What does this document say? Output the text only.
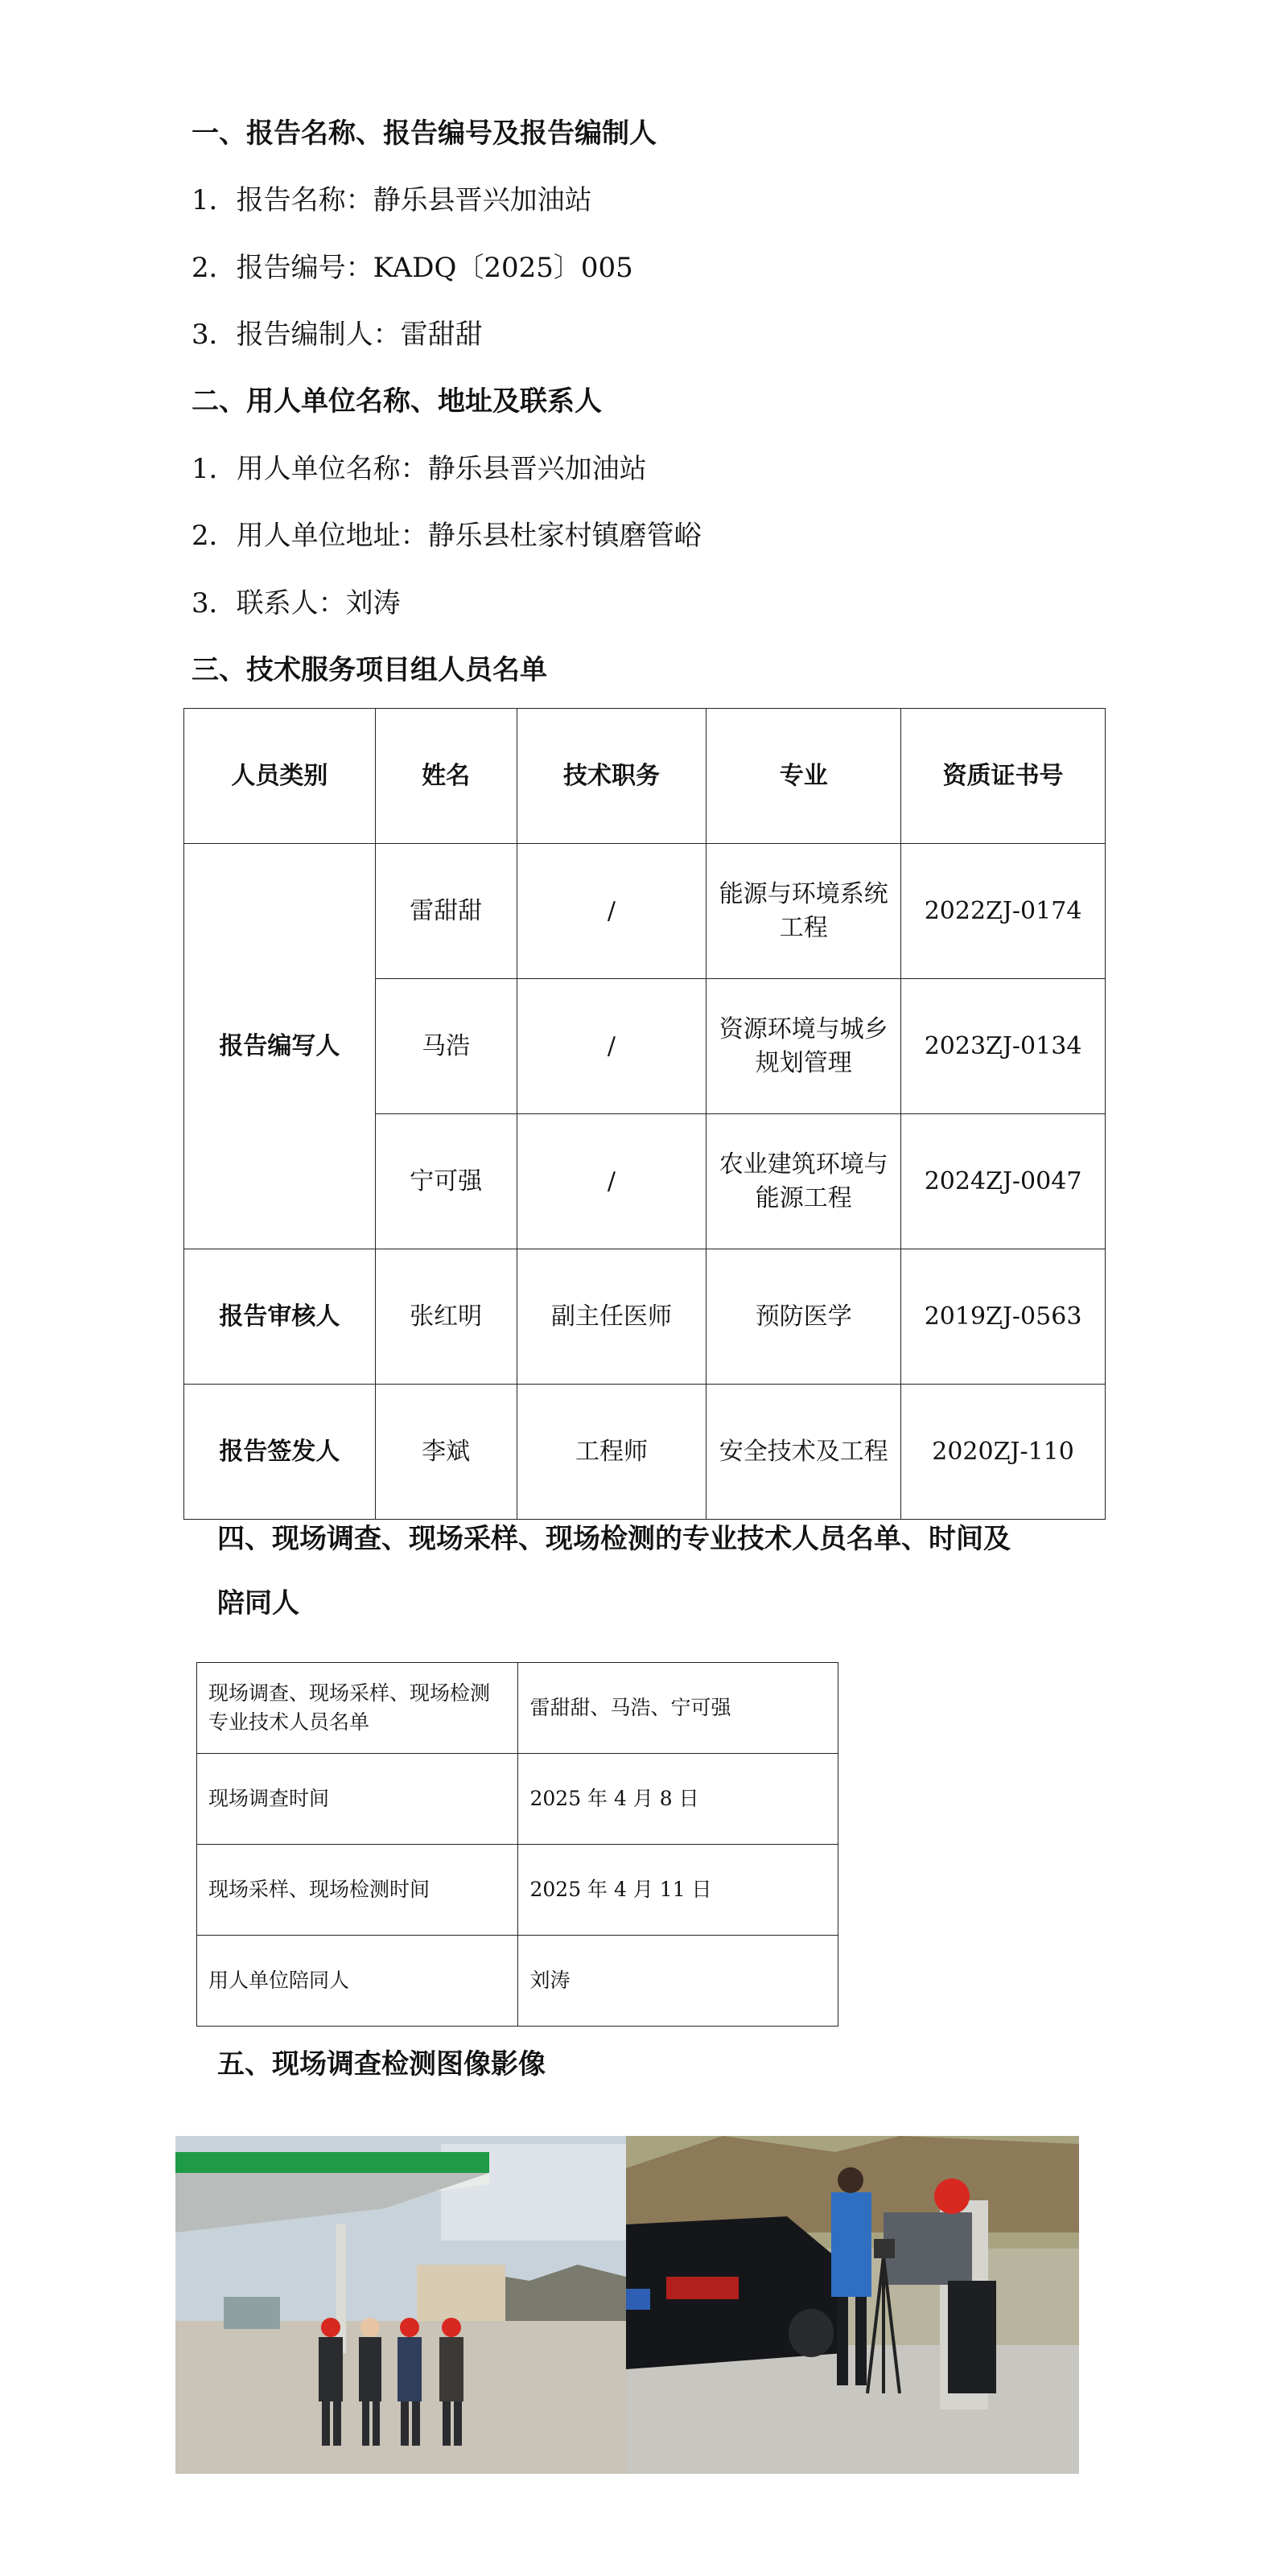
一、报告名称、报告编号及报告编制人
1．报告名称：静乐县晋兴加油站
2．报告编号：KADQ〔2025〕005
3．报告编制人：雷甜甜
二、用人单位名称、地址及联系人
1．用人单位名称：静乐县晋兴加油站
2．用人单位地址：静乐县杜家村镇磨管峪
3．联系人：刘涛
三、技术服务项目组人员名单
人员类别	姓名	技术职务	专业	资质证书号
报告编写人	雷甜甜	/	能源与环境系统工程	2022ZJ-0174
	马浩	/	资源环境与城乡规划管理	2023ZJ-0134
	宁可强	/	农业建筑环境与能源工程	2024ZJ-0047
报告审核人	张红明	副主任医师	预防医学	2019ZJ-0563
报告签发人	李斌	工程师	安全技术及工程	2020ZJ-110
四、现场调查、现场采样、现场检测的专业技术人员名单、时间及
陪同人
现场调查、现场采样、现场检测专业技术人员名单	雷甜甜、马浩、宁可强
现场调查时间	2025 年 4 月 8 日
现场采样、现场检测时间	2025 年 4 月 11 日
用人单位陪同人	刘涛
五、现场调查检测图像影像
